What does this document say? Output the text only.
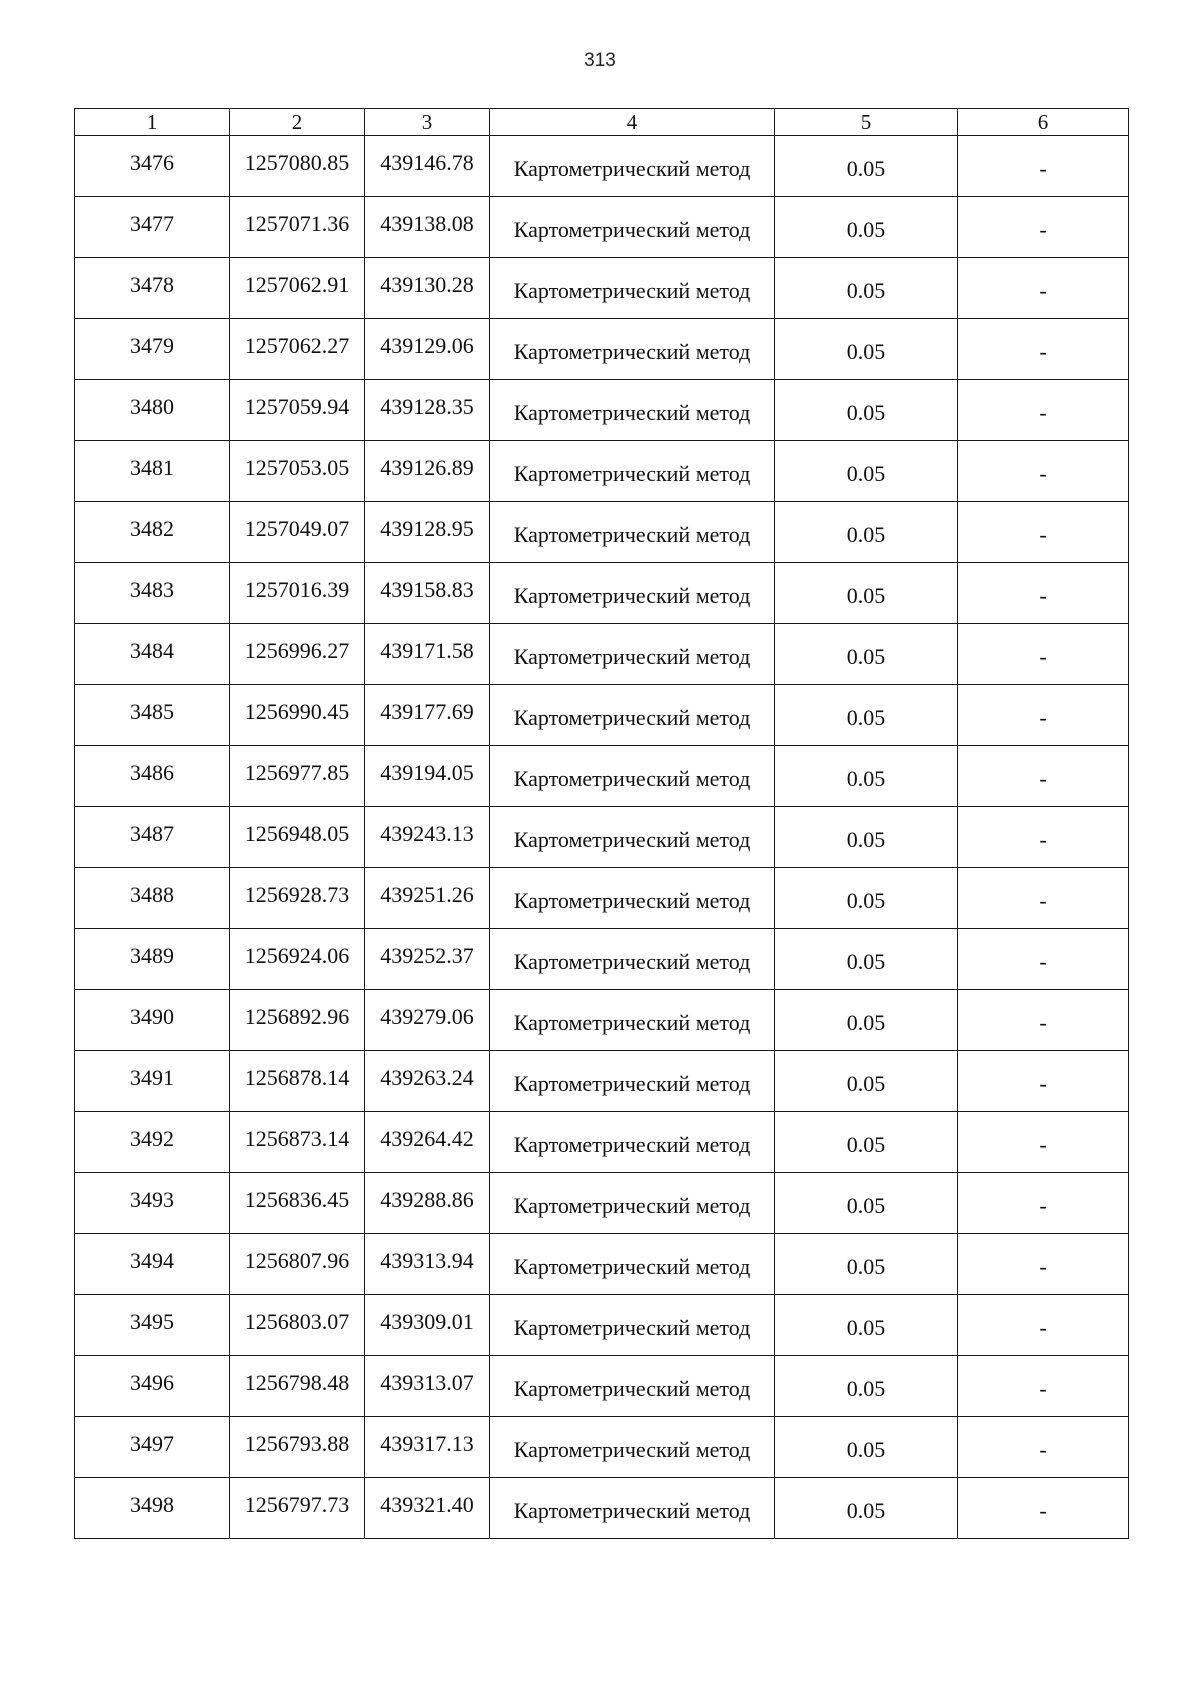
313
1	2	3	4	5	6
3476	1257080.85	439146.78	Картометрический метод	0.05	-
3477	1257071.36	439138.08	Картометрический метод	0.05	-
3478	1257062.91	439130.28	Картометрический метод	0.05	-
3479	1257062.27	439129.06	Картометрический метод	0.05	-
3480	1257059.94	439128.35	Картометрический метод	0.05	-
3481	1257053.05	439126.89	Картометрический метод	0.05	-
3482	1257049.07	439128.95	Картометрический метод	0.05	-
3483	1257016.39	439158.83	Картометрический метод	0.05	-
3484	1256996.27	439171.58	Картометрический метод	0.05	-
3485	1256990.45	439177.69	Картометрический метод	0.05	-
3486	1256977.85	439194.05	Картометрический метод	0.05	-
3487	1256948.05	439243.13	Картометрический метод	0.05	-
3488	1256928.73	439251.26	Картометрический метод	0.05	-
3489	1256924.06	439252.37	Картометрический метод	0.05	-
3490	1256892.96	439279.06	Картометрический метод	0.05	-
3491	1256878.14	439263.24	Картометрический метод	0.05	-
3492	1256873.14	439264.42	Картометрический метод	0.05	-
3493	1256836.45	439288.86	Картометрический метод	0.05	-
3494	1256807.96	439313.94	Картометрический метод	0.05	-
3495	1256803.07	439309.01	Картометрический метод	0.05	-
3496	1256798.48	439313.07	Картометрический метод	0.05	-
3497	1256793.88	439317.13	Картометрический метод	0.05	-
3498	1256797.73	439321.40	Картометрический метод	0.05	-
